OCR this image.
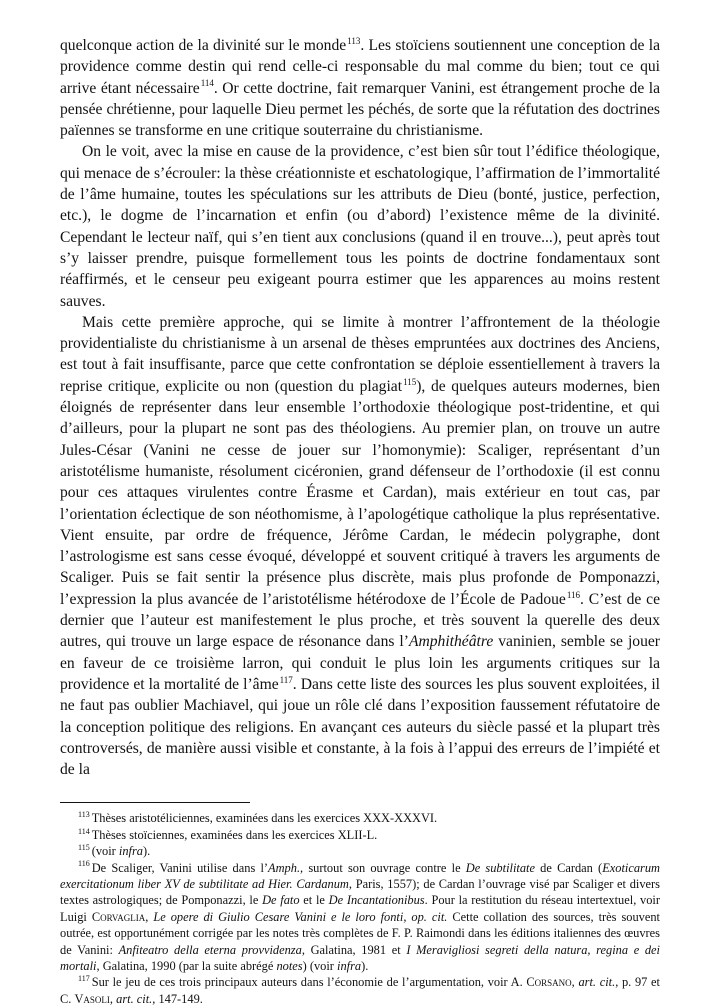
quelconque action de la divinité sur le monde$^{113}$. Les stoïciens soutiennent une conception de la providence comme destin qui rend celle-ci responsable du mal comme du bien; tout ce qui arrive étant nécessaire$^{114}$. Or cette doctrine, fait remarquer Vanini, est étrangement proche de la pensée chrétienne, pour laquelle Dieu permet les péchés, de sorte que la réfutation des doctrines païennes se transforme en une critique souterraine du christianisme.

On le voit, avec la mise en cause de la providence, c’est bien sûr tout l’édifice théologique, qui menace de s’écrouler: la thèse créationniste et eschatologique, l’affirmation de l’immortalité de l’âme humaine, toutes les spéculations sur les attributs de Dieu (bonté, justice, perfection, etc.), le dogme de l’incarnation et enfin (ou d’abord) l’existence même de la divinité. Cependant le lecteur naïf, qui s’en tient aux conclusions (quand il en trouve...), peut après tout s’y laisser prendre, puisque formellement tous les points de doctrine fondamentaux sont réaffirmés, et le censeur peu exigeant pourra estimer que les apparences au moins restent sauves.

Mais cette première approche, qui se limite à montrer l’affrontement de la théologie providentialiste du christianisme à un arsenal de thèses empruntées aux doctrines des Anciens, est tout à fait insuffisante, parce que cette confrontation se déploie essentiellement à travers la reprise critique, explicite ou non (question du plagiat$^{115}$), de quelques auteurs modernes, bien éloignés de représenter dans leur ensemble l’orthodoxie théologique post-tridentine, et qui d’ailleurs, pour la plupart ne sont pas des théologiens. Au premier plan, on trouve un autre Jules-César (Vanini ne cesse de jouer sur l’homonymie): Scaliger, représentant d’un aristotélisme humaniste, résolument cicéronien, grand défenseur de l’orthodoxie (il est connu pour ces attaques virulentes contre Érasme et Cardan), mais extérieur en tout cas, par l’orientation éclectique de son néothomisme, à l’apologétique catholique la plus représentative. Vient ensuite, par ordre de fréquence, Jérôme Cardan, le médecin polygraphe, dont l’astrologisme est sans cesse évoqué, développé et souvent critiqué à travers les arguments de Scaliger. Puis se fait sentir la présence plus discrète, mais plus profonde de Pomponazzi, l’expression la plus avancée de l’aristotélisme hétérodoxe de l’École de Padoue$^{116}$. C’est de ce dernier que l’auteur est manifestement le plus proche, et très souvent la querelle des deux autres, qui trouve un large espace de résonance dans l’Amphithéâtre vaninien, semble se jouer en faveur de ce troisième larron, qui conduit le plus loin les arguments critiques sur la providence et la mortalité de l’âme$^{117}$. Dans cette liste des sources les plus souvent exploitées, il ne faut pas oublier Machiavel, qui joue un rôle clé dans l’exposition faussement réfutatoire de la conception politique des religions. En avançant ces auteurs du siècle passé et la plupart très controversés, de manière aussi visible et constante, à la fois à l’appui des erreurs de l’impiété et de la

$^{113}$ Thèses aristotéliciennes, examinées dans les exercices XXX-XXXVI.

$^{114}$ Thèses stoïciennes, examinées dans les exercices XLII-L.

$^{115}$ (voir infra).

$^{116}$ De Scaliger, Vanini utilise dans l’Amph., surtout son ouvrage contre le De subtilitate de Cardan (Exoticarum exercitationum liber XV de subtilitate ad Hier. Cardanum, Paris, 1557); de Cardan l’ouvrage visé par Scaliger et divers textes astrologiques; de Pomponazzi, le De fato et le De Incantationibus. Pour la restitution du réseau intertextuel, voir Luigi Corvaglia, Le opere di Giulio Cesare Vanini e le loro fonti, op. cit. Cette collation des sources, très souvent outrée, est opportunément corrigée par les notes très complètes de F. P. Raimondi dans les éditions italiennes des œuvres de Vanini: Anfiteatro della eterna provvidenza, Galatina, 1981 et I Meravigliosi segreti della natura, regina e dei mortali, Galatina, 1990 (par la suite abrégé notes) (voir infra).

$^{117}$ Sur le jeu de ces trois principaux auteurs dans l’économie de l’argumentation, voir A. Corsano, art. cit., p. 97 et C. Vasoli, art. cit., 147-149.
